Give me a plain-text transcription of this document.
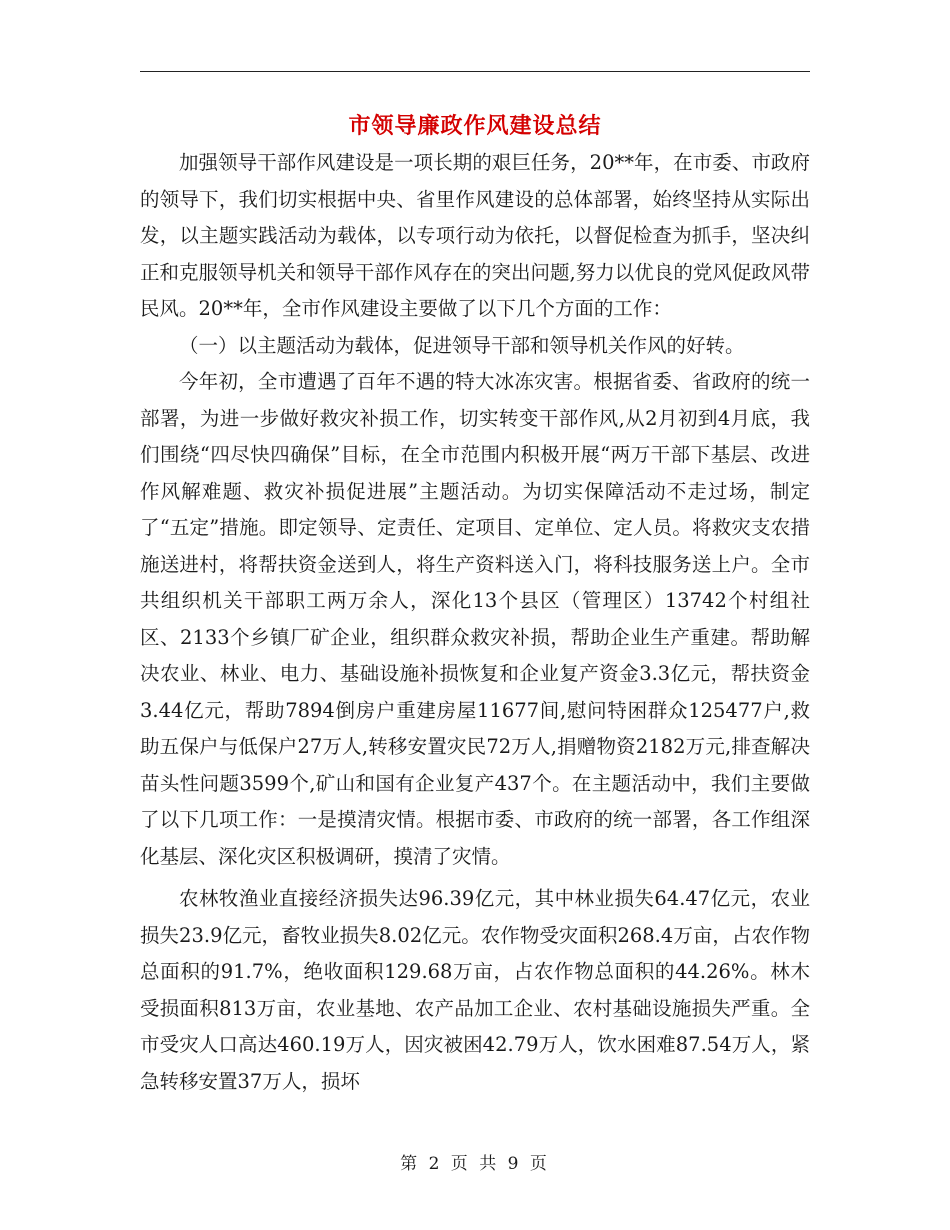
市领导廉政作风建设总结

加强领导干部作风建设是一项长期的艰巨任务，20**年，在市委、市政府的领导下，我们切实根据中央、省里作风建设的总体部署，始终坚持从实际出发，以主题实践活动为载体，以专项行动为依托，以督促检查为抓手，坚决纠正和克服领导机关和领导干部作风存在的突出问题,努力以优良的党风促政风带民风。20**年，全市作风建设主要做了以下几个方面的工作：

（一）以主题活动为载体，促进领导干部和领导机关作风的好转。

今年初，全市遭遇了百年不遇的特大冰冻灾害。根据省委、省政府的统一部署，为进一步做好救灾补损工作，切实转变干部作风,从2月初到4月底，我们围绕“四尽快四确保”目标，在全市范围内积极开展“两万干部下基层、改进作风解难题、救灾补损促进展”主题活动。为切实保障活动不走过场，制定了“五定”措施。即定领导、定责任、定项目、定单位、定人员。将救灾支农措施送进村，将帮扶资金送到人，将生产资料送入门，将科技服务送上户。全市共组织机关干部职工两万余人，深化13个县区（管理区）13742个村组社区、2133个乡镇厂矿企业，组织群众救灾补损，帮助企业生产重建。帮助解决农业、林业、电力、基础设施补损恢复和企业复产资金3.3亿元，帮扶资金3.44亿元，帮助7894倒房户重建房屋11677间,慰问特困群众125477户,救助五保户与低保户27万人,转移安置灾民72万人,捐赠物资2182万元,排查解决苗头性问题3599个,矿山和国有企业复产437个。在主题活动中，我们主要做了以下几项工作：一是摸清灾情。根据市委、市政府的统一部署，各工作组深化基层、深化灾区积极调研，摸清了灾情。

农林牧渔业直接经济损失达96.39亿元，其中林业损失64.47亿元，农业损失23.9亿元，畜牧业损失8.02亿元。农作物受灾面积268.4万亩，占农作物总面积的91.7%，绝收面积129.68万亩，占农作物总面积的44.26%。林木受损面积813万亩，农业基地、农产品加工企业、农村基础设施损失严重。全市受灾人口高达460.19万人，因灾被困42.79万人，饮水困难87.54万人，紧急转移安置37万人，损坏

第 2 页 共 9 页
